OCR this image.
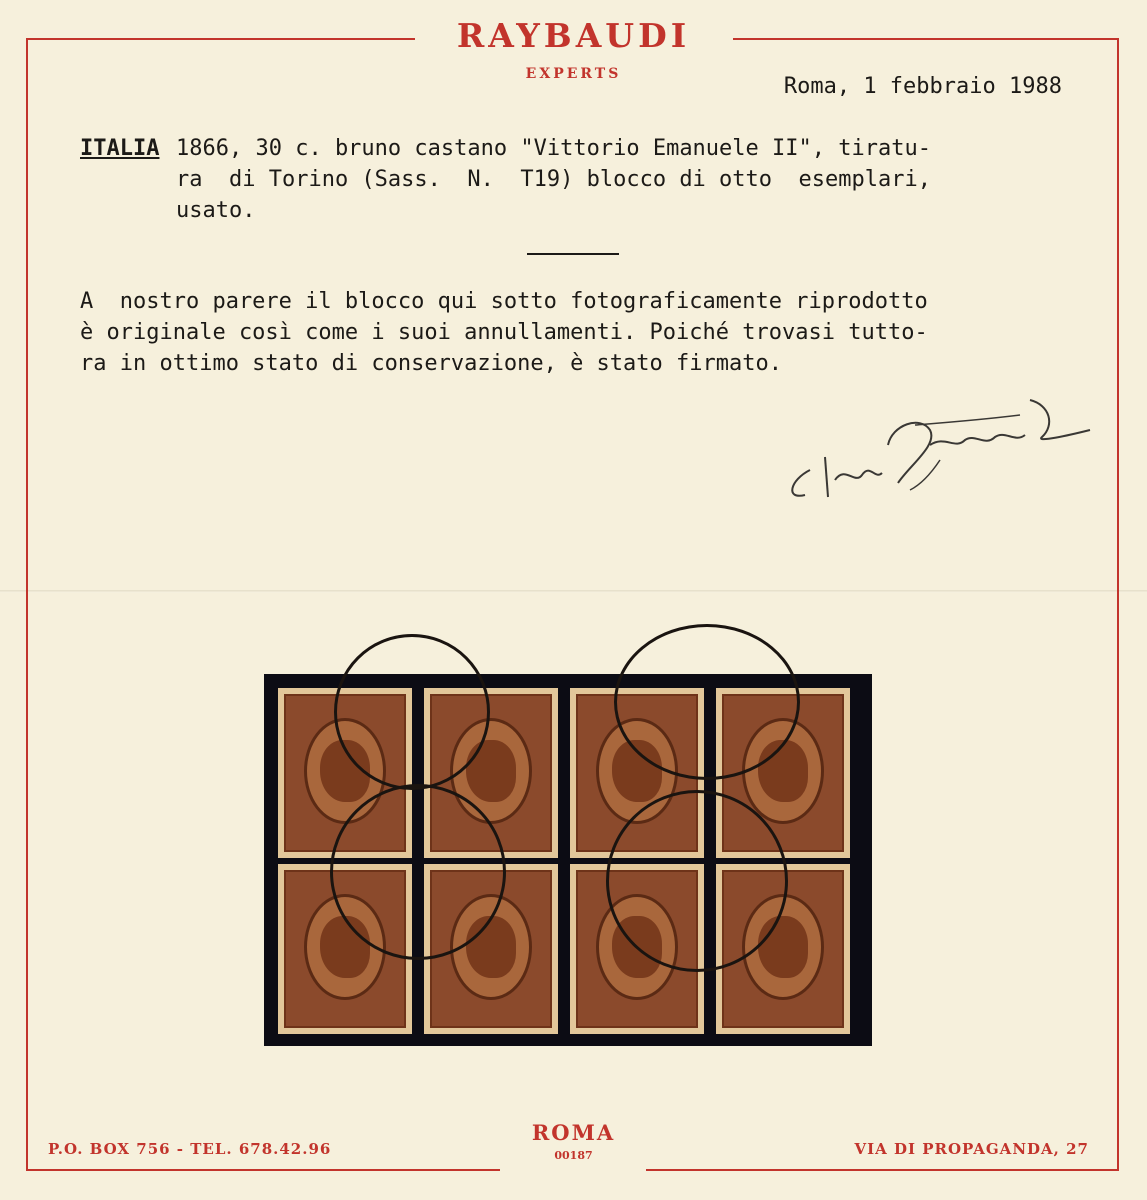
RAYBAUDI
EXPERTS	Roma, 1 febbraio 1988
ITALIA 1866, 30 c. bruno castano "Vittorio Emanuele II", tiratu-
ra  di Torino (Sass.  N.  T19) blocco di otto  esemplari,
usato.
A  nostro parere il blocco qui sotto fotograficamente riprodotto
è originale così come i suoi annullamenti. Poiché trovasi tutto-
ra in ottimo stato di conservazione, è stato firmato.
P.O. BOX 756 - TEL. 678.42.96
ROMA
00187	VIA DI PROPAGANDA, 27
